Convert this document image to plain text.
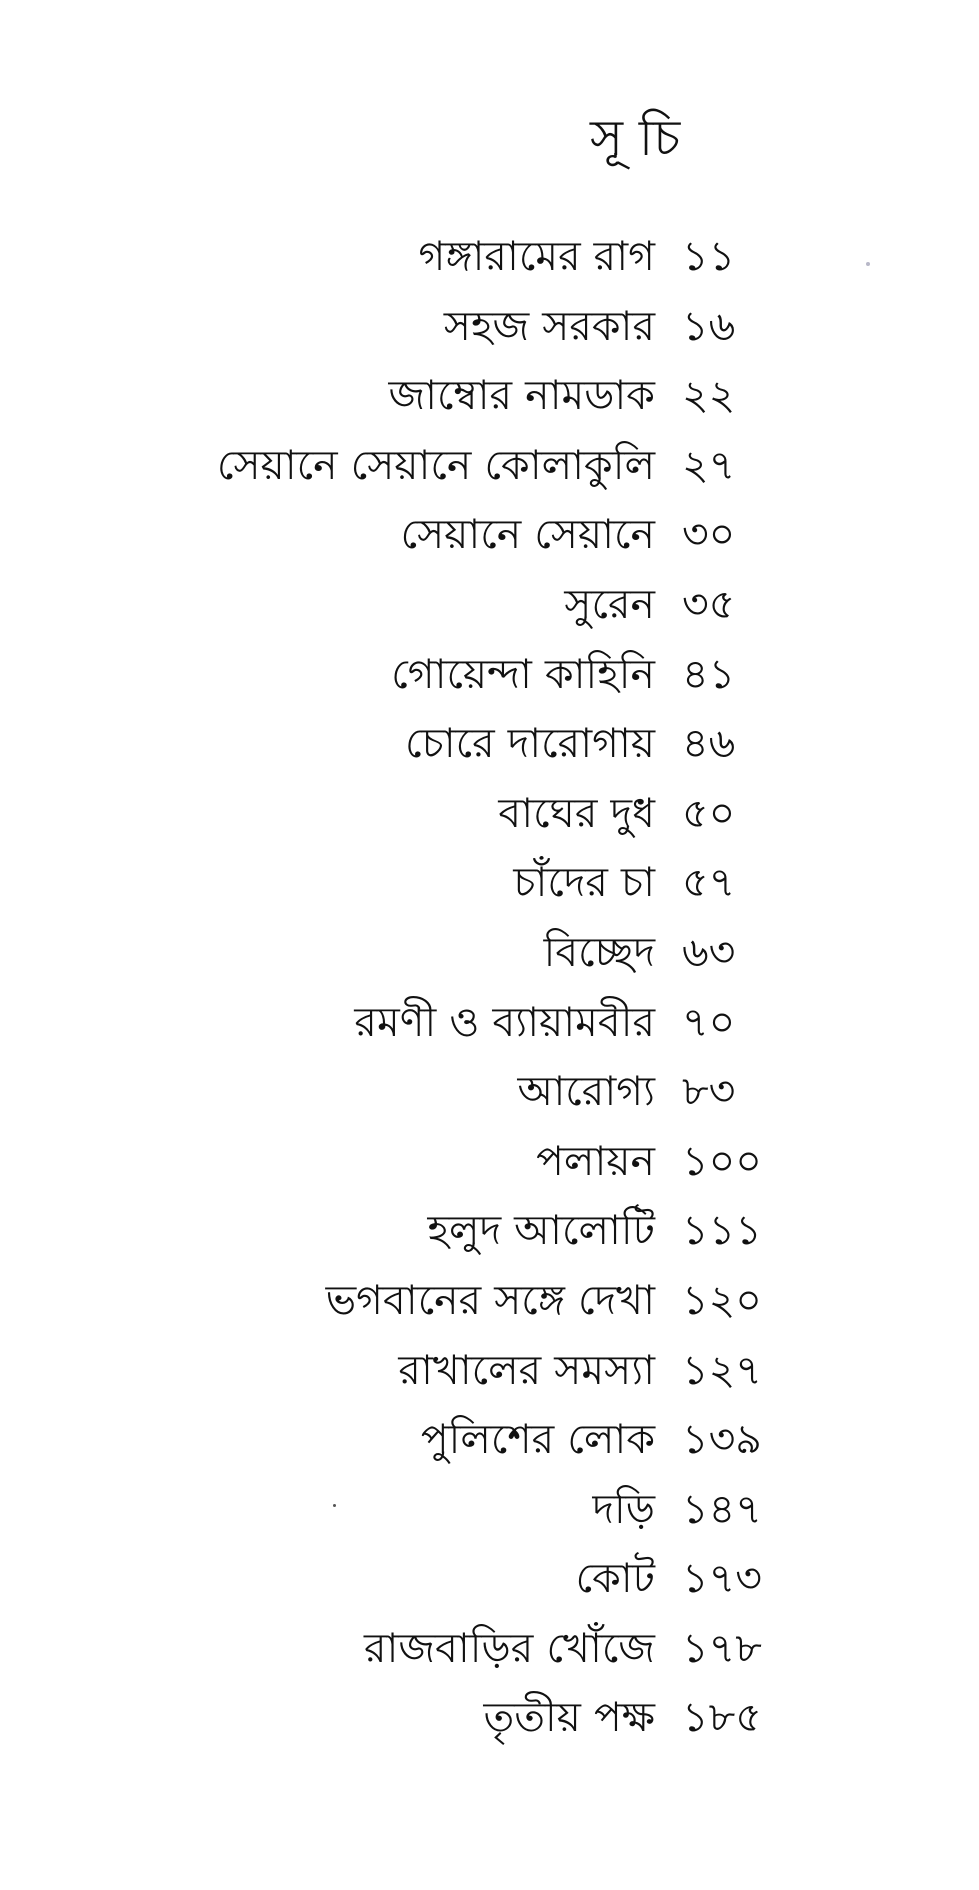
সূ চি
গঙ্গারামের রাগ ১১
সহজ সরকার ১৬
জাম্বোর নামডাক ২২
সেয়ানে সেয়ানে কোলাকুলি ২৭
সেয়ানে সেয়ানে ৩০
সুরেন ৩৫
গোয়েন্দা কাহিনি ৪১
চোরে দারোগায় ৪৬
বাঘের দুধ ৫০
চাঁদের চা ৫৭
বিচ্ছেদ ৬৩
রমণী ও ব্যায়ামবীর ৭০
আরোগ্য ৮৩
পলায়ন ১০০
হলুদ আলোটি ১১১
ভগবানের সঙ্গে দেখা ১২০
রাখালের সমস্যা ১২৭
পুলিশের লোক ১৩৯
দড়ি ১৪৭
কোট ১৭৩
রাজবাড়ির খোঁজে ১৭৮
তৃতীয় পক্ষ ১৮৫
